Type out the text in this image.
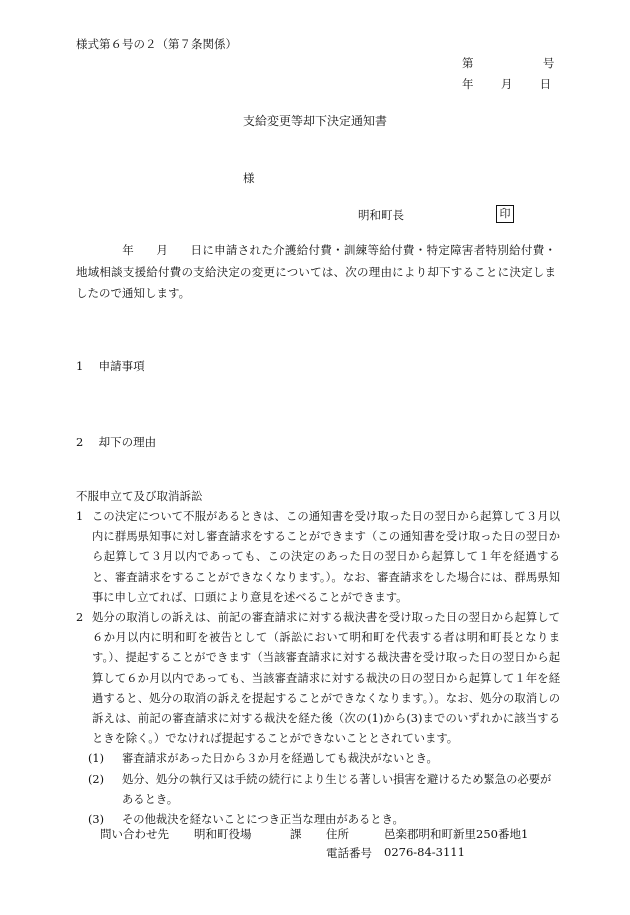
様式第６号の２（第７条関係）
第	号
年 月 日
支給変更等却下決定通知書
様
明和町長	印
年 月 日に申請された介護給付費・訓練等給付費・特定障害者特別給付費・地域相談支援給付費の支給決定の変更については、次の理由により却下することに決定しましたので通知します。
1 申請事項
2 却下の理由
不服申立て及び取消訴訟
1 この決定について不服があるときは、この通知書を受け取った日の翌日から起算して３月以内に群馬県知事に対し審査請求をすることができます（この通知書を受け取った日の翌日から起算して３月以内であっても、この決定のあった日の翌日から起算して１年を経過すると、審査請求をすることができなくなります。）。なお、審査請求をした場合には、群馬県知事に申し立てれば、口頭により意見を述べることができます。
2 処分の取消しの訴えは、前記の審査請求に対する裁決書を受け取った日の翌日から起算して６か月以内に明和町を被告として（訴訟において明和町を代表する者は明和町長となります。）、提起することができます（当該審査請求に対する裁決書を受け取った日の翌日から起算して６か月以内であっても、当該審査請求に対する裁決の日の翌日から起算して１年を経過すると、処分の取消の訴えを提起することができなくなります。）。なお、処分の取消しの訴えは、前記の審査請求に対する裁決を経た後（次の(1)から(3)までのいずれかに該当するときを除く。）でなければ提起することができないこととされています。
(1)	審査請求があった日から３か月を経過しても裁決がないとき。
(2)	処分、処分の執行又は手続の続行により生じる著しい損害を避けるため緊急の必要があるとき。
(3)	その他裁決を経ないことにつき正当な理由があるとき。
問い合わせ先 明和町役場	課 住所	邑楽郡明和町新里250番地1
電話番号 0276-84-3111
